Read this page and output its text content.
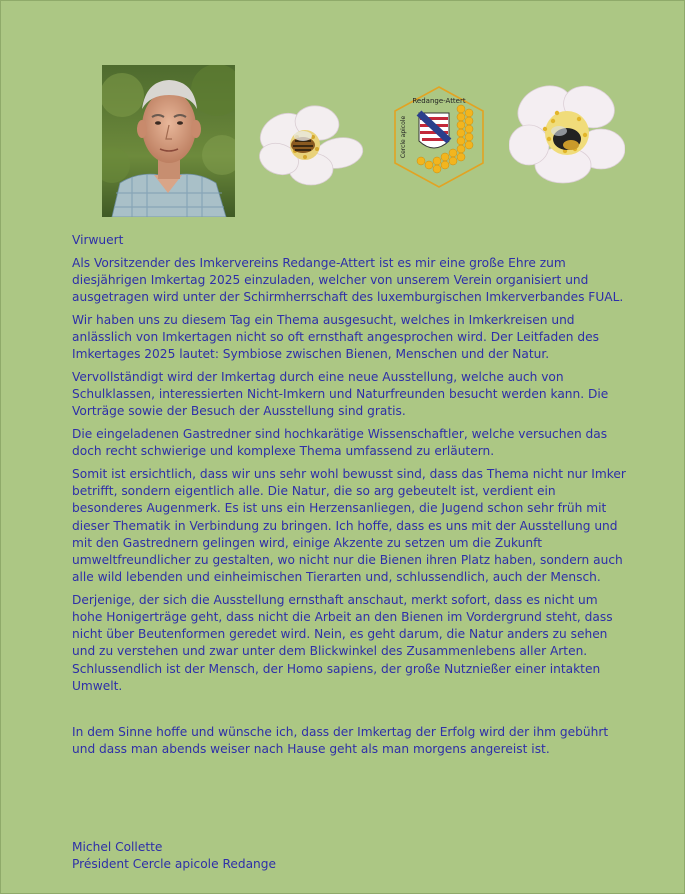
Redange-Attert
Cercle apicole

Virwuert

Als Vorsitzender des Imkervereins Redange-Attert ist es mir eine große Ehre zum diesjährigen Imkertag 2025 einzuladen, welcher von unserem Verein organisiert und ausgetragen wird unter der Schirmherrschaft des luxemburgischen Imkerverbandes FUAL.

Wir haben uns zu diesem Tag ein Thema ausgesucht, welches in Imkerkreisen und anlässlich von Imkertagen nicht so oft ernsthaft angesprochen wird. Der Leitfaden des Imkertages 2025 lautet: Symbiose zwischen Bienen, Menschen und der Natur.

Vervollständigt wird der Imkertag durch eine neue Ausstellung, welche auch von Schulklassen, interessierten Nicht-Imkern und Naturfreunden besucht werden kann. Die Vorträge sowie der Besuch der Ausstellung sind gratis.

Die eingeladenen Gastredner sind hochkarätige Wissenschaftler, welche versuchen das doch recht schwierige und komplexe Thema umfassend zu erläutern.

Somit ist ersichtlich, dass wir uns sehr wohl bewusst sind, dass das Thema nicht nur Imker betrifft, sondern eigentlich alle. Die Natur, die so arg gebeutelt ist, verdient ein besonderes Augenmerk. Es ist uns ein Herzensanliegen, die Jugend schon sehr früh mit dieser Thematik in Verbindung zu bringen. Ich hoffe, dass es uns mit der Ausstellung und mit den Gastrednern gelingen wird, einige Akzente zu setzen um die Zukunft umweltfreundlicher zu gestalten, wo nicht nur die Bienen ihren Platz haben, sondern auch alle wild lebenden und einheimischen Tierarten und, schlussendlich, auch der Mensch.

Derjenige, der sich die Ausstellung ernsthaft anschaut, merkt sofort, dass es nicht um hohe Honigerträge geht, dass nicht die Arbeit an den Bienen im Vordergrund steht, dass nicht über Beutenformen geredet wird. Nein, es geht darum, die Natur anders zu sehen und zu verstehen und zwar unter dem Blickwinkel des Zusammenlebens aller Arten. Schlussendlich ist der Mensch, der Homo sapiens, der große Nutznießer einer intakten Umwelt.

In dem Sinne hoffe und wünsche ich, dass der Imkertag der Erfolg wird der ihm gebührt und dass man abends weiser nach Hause geht als man morgens angereist ist.

Michel Collette
Président Cercle apicole Redange
